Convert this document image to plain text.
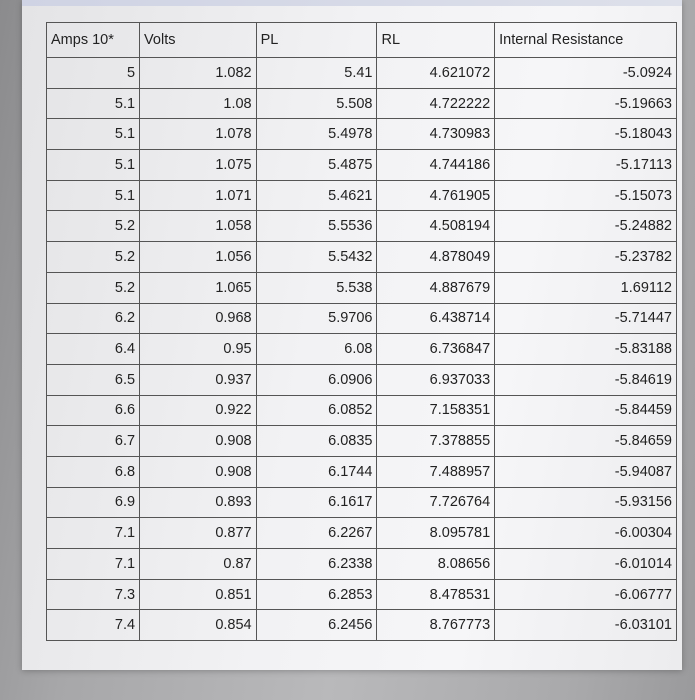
Amps 10*	Volts	PL	RL	Internal Resistance
5	1.082	5.41	4.621072	-5.0924
5.1	1.08	5.508	4.722222	-5.19663
5.1	1.078	5.4978	4.730983	-5.18043
5.1	1.075	5.4875	4.744186	-5.17113
5.1	1.071	5.4621	4.761905	-5.15073
5.2	1.058	5.5536	4.508194	-5.24882
5.2	1.056	5.5432	4.878049	-5.23782
5.2	1.065	5.538	4.887679	1.69112
6.2	0.968	5.9706	6.438714	-5.71447
6.4	0.95	6.08	6.736847	-5.83188
6.5	0.937	6.0906	6.937033	-5.84619
6.6	0.922	6.0852	7.158351	-5.84459
6.7	0.908	6.0835	7.378855	-5.84659
6.8	0.908	6.1744	7.488957	-5.94087
6.9	0.893	6.1617	7.726764	-5.93156
7.1	0.877	6.2267	8.095781	-6.00304
7.1	0.87	6.2338	8.08656	-6.01014
7.3	0.851	6.2853	8.478531	-6.06777
7.4	0.854	6.2456	8.767773	-6.03101
